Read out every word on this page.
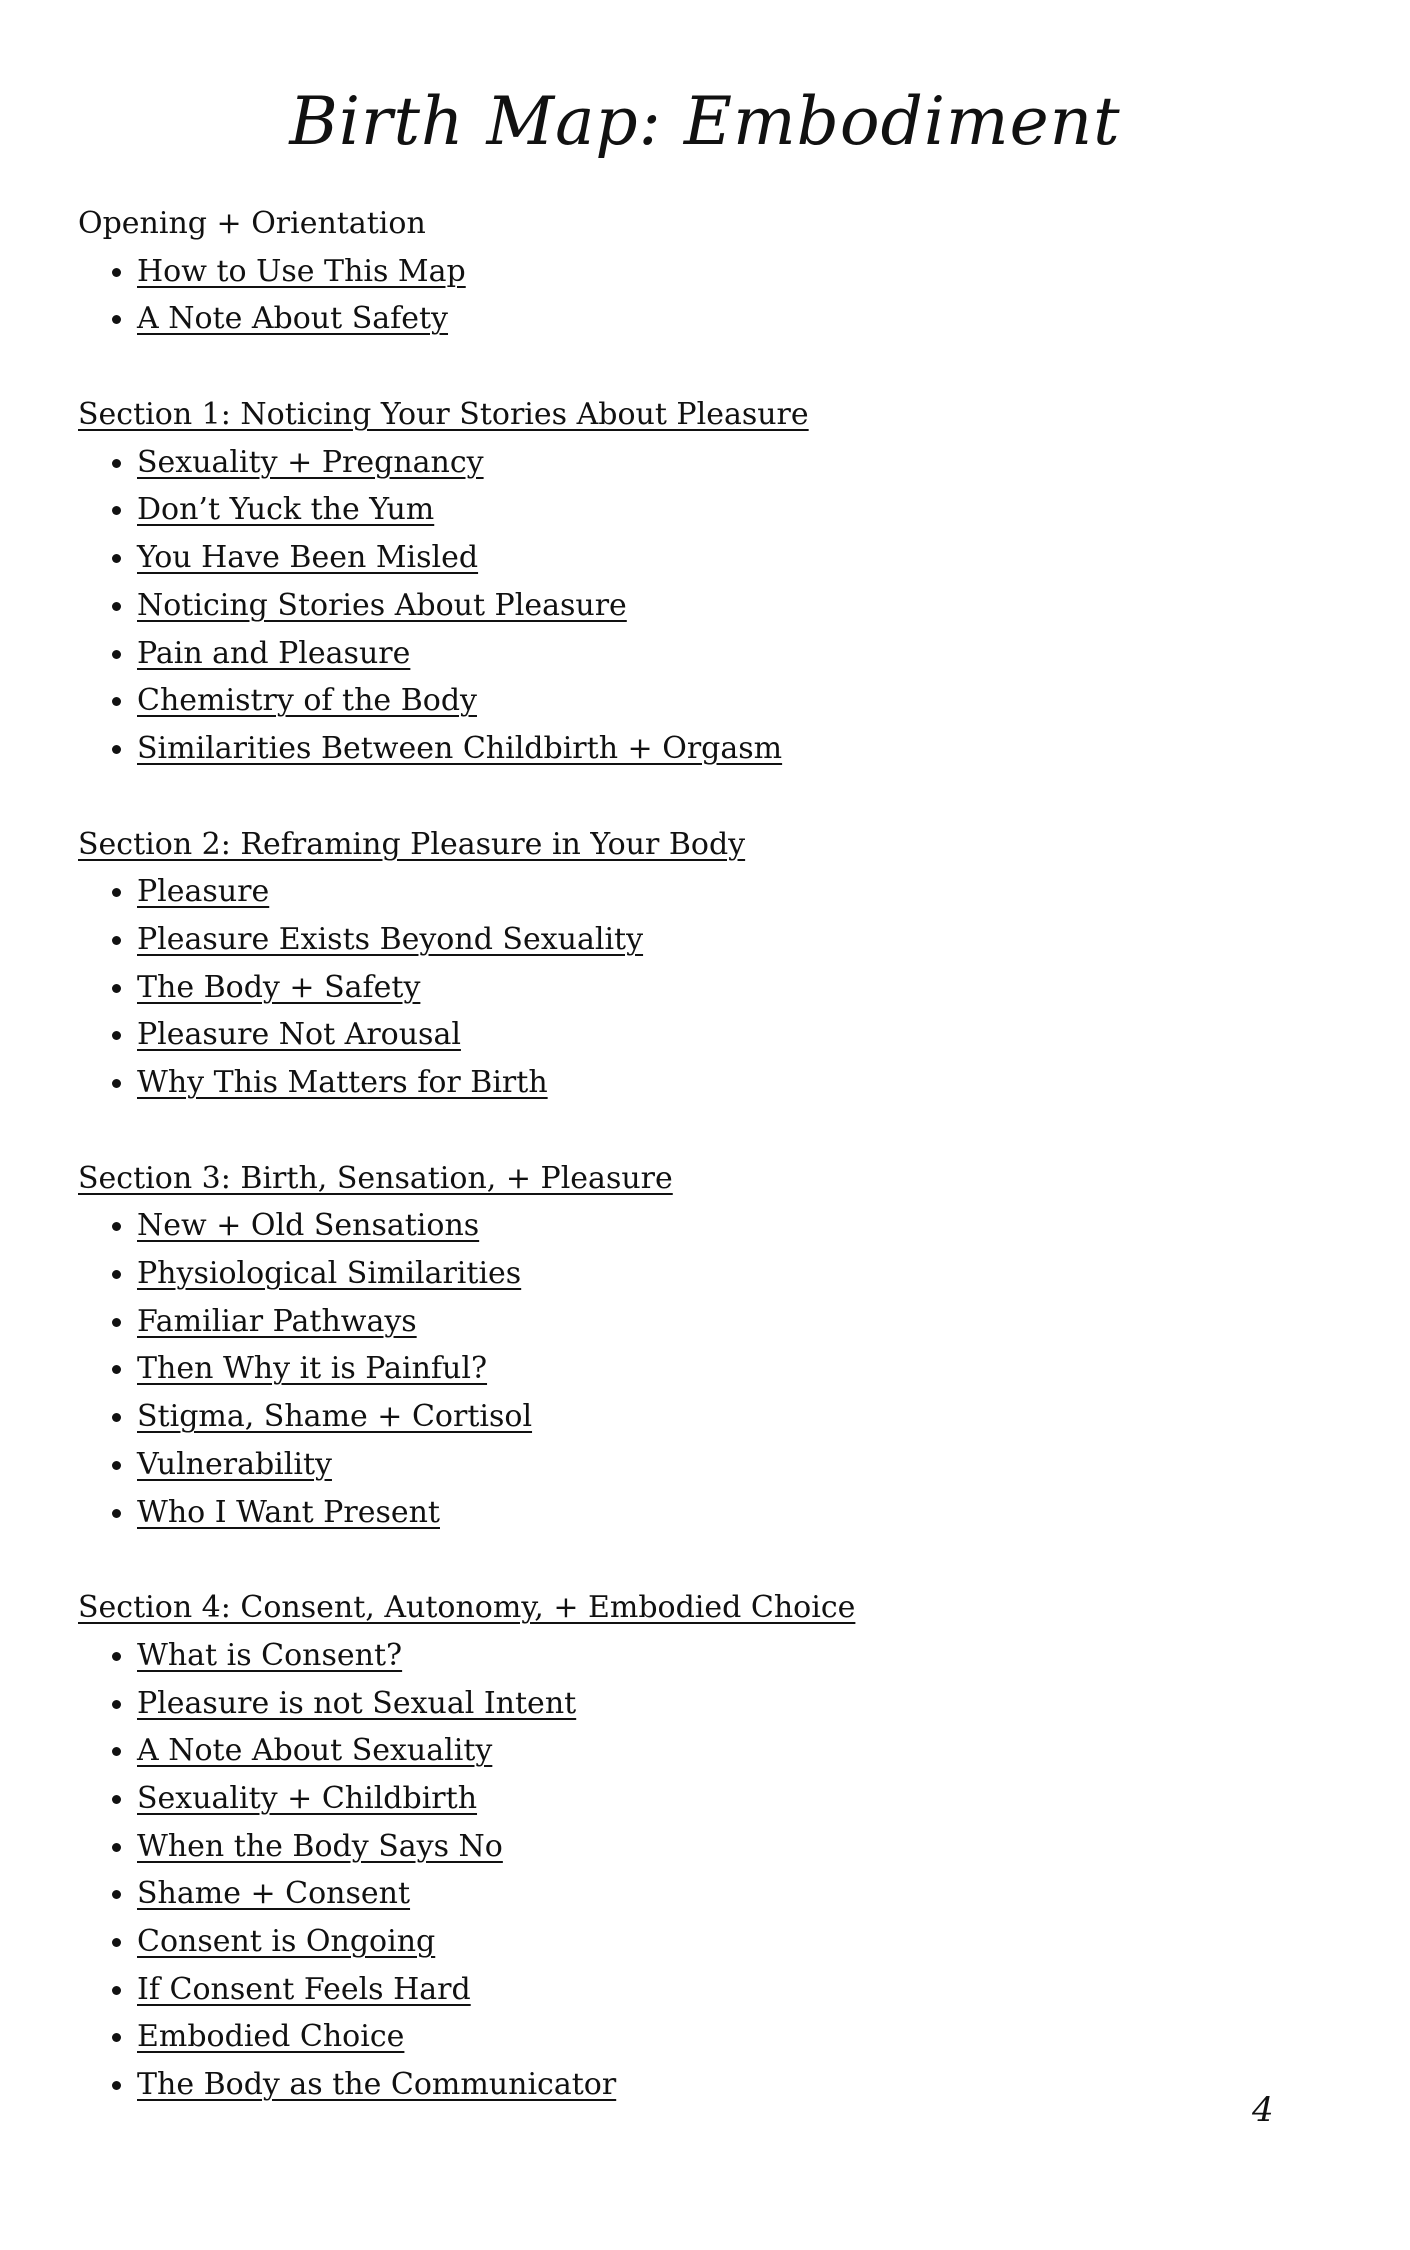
Birth Map: Embodiment
Opening + Orientation
How to Use This Map
A Note About Safety
Section 1: Noticing Your Stories About Pleasure
Sexuality + Pregnancy
Don’t Yuck the Yum
You Have Been Misled
Noticing Stories About Pleasure
Pain and Pleasure
Chemistry of the Body
Similarities Between Childbirth + Orgasm
Section 2: Reframing Pleasure in Your Body
Pleasure
Pleasure Exists Beyond Sexuality
The Body + Safety
Pleasure Not Arousal
Why This Matters for Birth
Section 3: Birth, Sensation, + Pleasure
New + Old Sensations
Physiological Similarities
Familiar Pathways
Then Why it is Painful?
Stigma, Shame + Cortisol
Vulnerability
Who I Want Present
Section 4: Consent, Autonomy, + Embodied Choice
What is Consent?
Pleasure is not Sexual Intent
A Note About Sexuality
Sexuality + Childbirth
When the Body Says No
Shame + Consent
Consent is Ongoing
If Consent Feels Hard
Embodied Choice
The Body as the Communicator
4
